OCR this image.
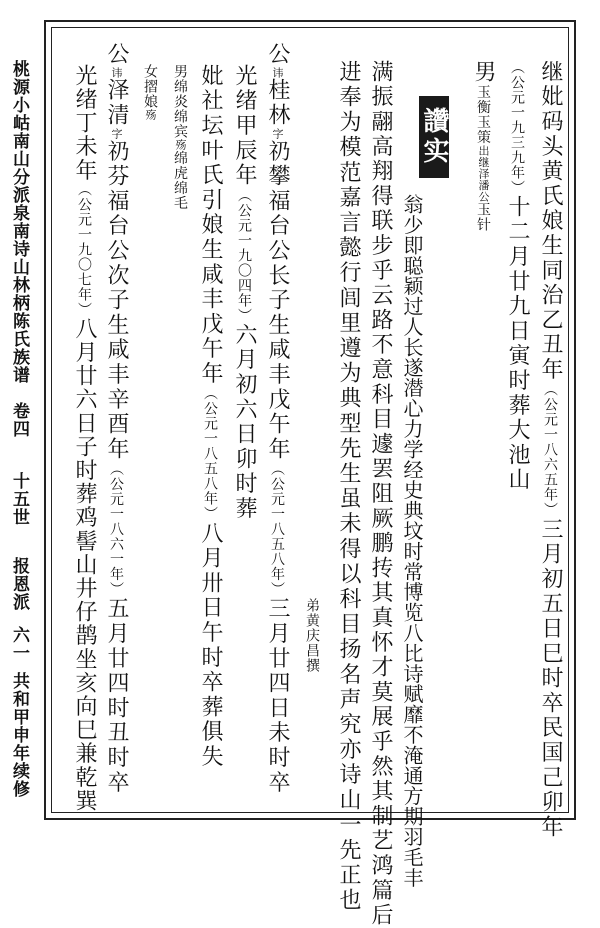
桃源小岵南山分派泉南诗山林柄陈氏族谱
卷四
十五世
报恩派
六一
共和甲申年续修
讚实	继妣码头黄氏娘生同治乙丑年（公元一八六五年）三月初五日巳时卒民国己卯年
（公元一九三九年）十二月廿九日寅时葬大池山
男玉衡玉策出继泽潘公玉针
翁少即聪颖过人长遂潜心力学经史典坟时常博览八比诗赋靡不淹通方期羽毛丰
满振翮高翔得联步乎云路不意科目遽罢阻厥鹏抟其真怀才莫展乎然其制艺鸿篇后
进奉为模范嘉言懿行闾里遵为典型先生虽未得以科目扬名声究亦诗山一先正也
弟黄庆昌撰
公讳桂林字礽攀福台公长子生咸丰戊午年（公元一八五八年）三月廿四日未时卒
光绪甲辰年（公元一九〇四年）六月初六日卯时葬
妣社坛叶氏引娘生咸丰戊午年（公元一八五八年）八月卅日午时卒葬俱失
男绵炎绵宾殇绵虎绵毛
女摺娘殇
公讳泽清字礽芬福台公次子生咸丰辛酉年（公元一八六一年）五月廿四时丑时卒
光绪丁未年（公元一九〇七年）八月廿六日子时葬鸡髻山井仔鹊坐亥向巳兼乾巽
